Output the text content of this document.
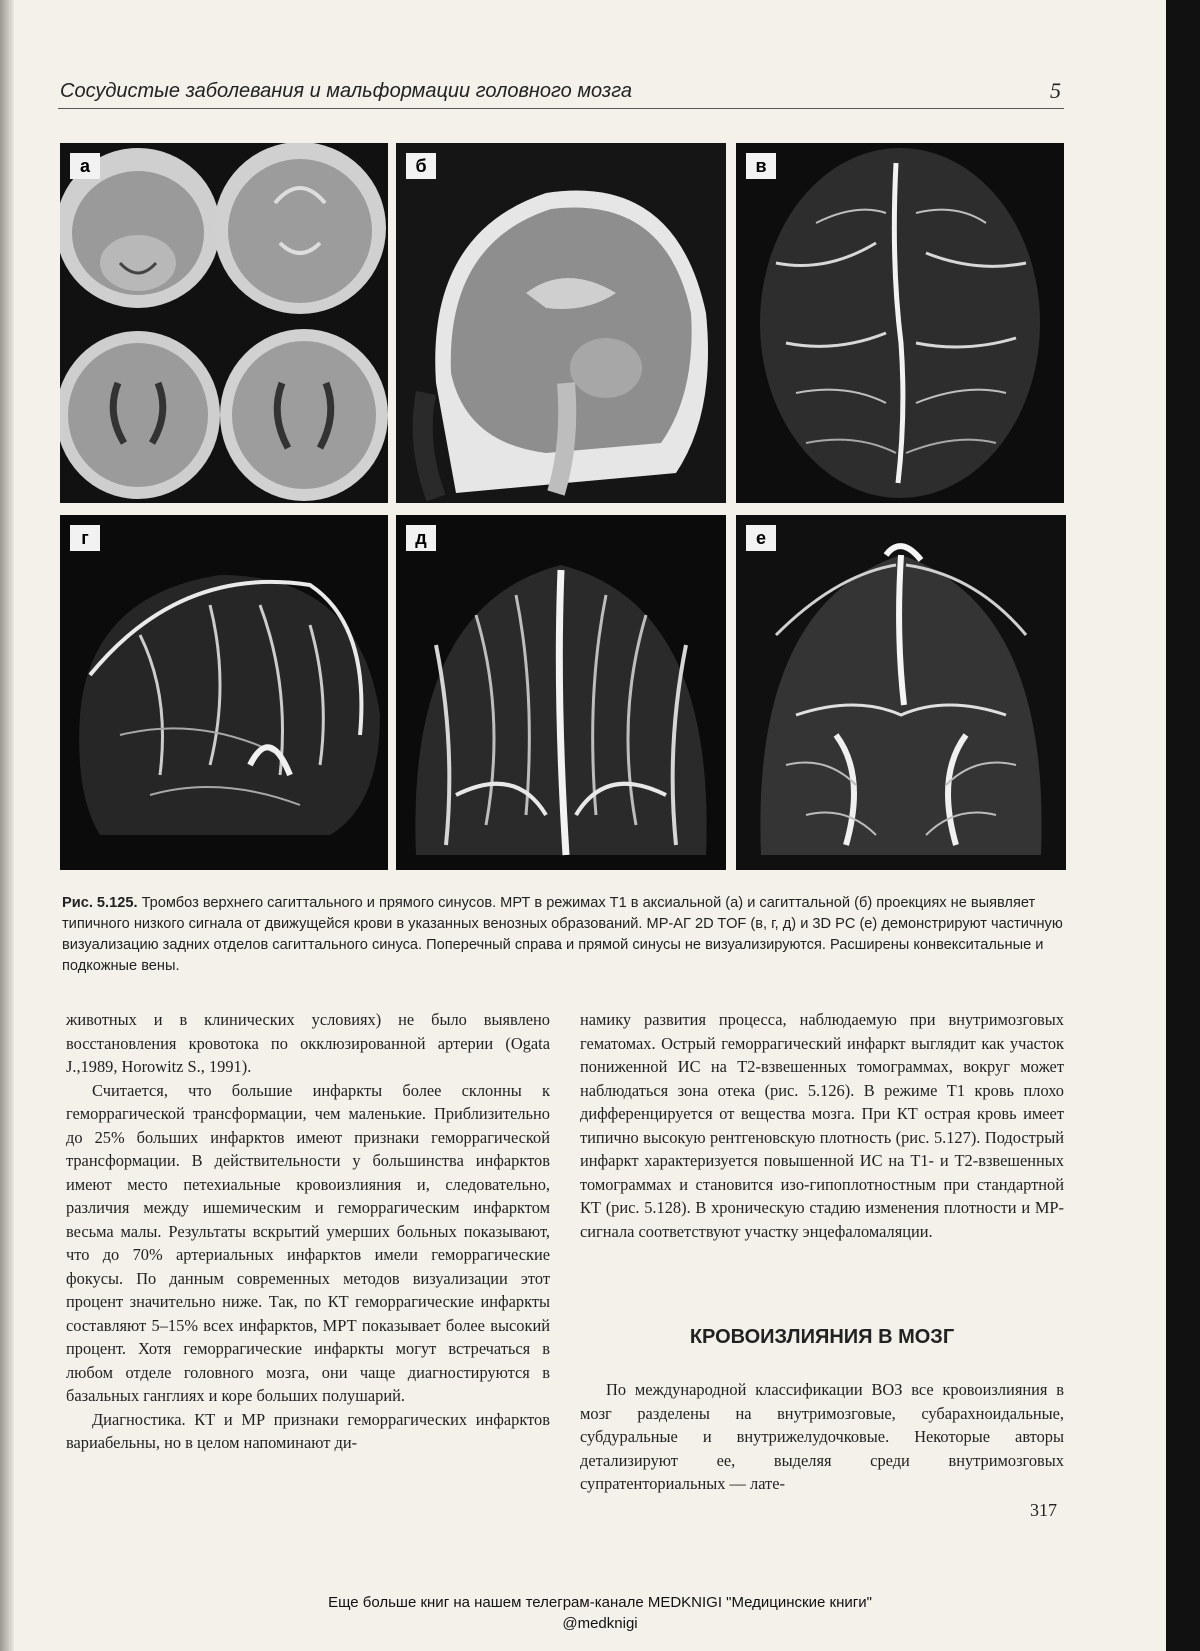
Сосудистые заболевания и мальформации головного мозга	5
а	б	в
г	д	е
Рис. 5.125. Тромбоз верхнего сагиттального и прямого синусов. МРТ в режимах Т1 в аксиальной (а) и сагиттальной (б) проекциях не выявляет типичного низкого сигнала от движущейся крови в указанных венозных образований. МР-АГ 2D TOF (в, г, д) и 3D PC (е) демонстрируют частичную визуализацию задних отделов сагиттального синуса. Поперечный справа и прямой синусы не визуализируются. Расширены конвекситальные и подкожные вены.

животных и в клинических условиях) не было выявлено восстановления кровотока по окклюзированной артерии (Ogata J.,1989, Horowitz S., 1991).

Считается, что большие инфаркты более склонны к геморрагической трансформации, чем маленькие. Приблизительно до 25% больших инфарктов имеют признаки геморрагической трансформации. В действительности у большинства инфарктов имеют место петехиальные кровоизлияния и, следовательно, различия между ишемическим и геморрагическим инфарктом весьма малы. Результаты вскрытий умерших больных показывают, что до 70% артериальных инфарктов имели геморрагические фокусы. По данным современных методов визуализации этот процент значительно ниже. Так, по КТ геморрагические инфаркты составляют 5–15% всех инфарктов, МРТ показывает более высокий процент. Хотя геморрагические инфаркты могут встречаться в любом отделе головного мозга, они чаще диагностируются в базальных ганглиях и коре больших полушарий.

Диагностика. КТ и МР признаки геморрагических инфарктов вариабельны, но в целом напоминают ди-

намику развития процесса, наблюдаемую при внутримозговых гематомах. Острый геморрагический инфаркт выглядит как участок пониженной ИС на Т2-взвешенных томограммах, вокруг может наблюдаться зона отека (рис. 5.126). В режиме Т1 кровь плохо дифференцируется от вещества мозга. При КТ острая кровь имеет типично высокую рентгеновскую плотность (рис. 5.127). Подострый инфаркт характеризуется повышенной ИС на Т1- и Т2-взвешенных томограммах и становится изо-гипоплотностным при стандартной КТ (рис. 5.128). В хроническую стадию изменения плотности и МР-сигнала соответствуют участку энцефаломаляции.

КРОВОИЗЛИЯНИЯ В МОЗГ

По международной классификации ВОЗ все кровоизлияния в мозг разделены на внутримозговые, субарахноидальные, субдуральные и внутрижелудочковые. Некоторые авторы детализируют ее, выделяя среди внутримозговых супратенториальных — лате-

317
Еще больше книг на нашем телеграм-канале MEDKNIGI "Медицинские книги"
@medknigi
